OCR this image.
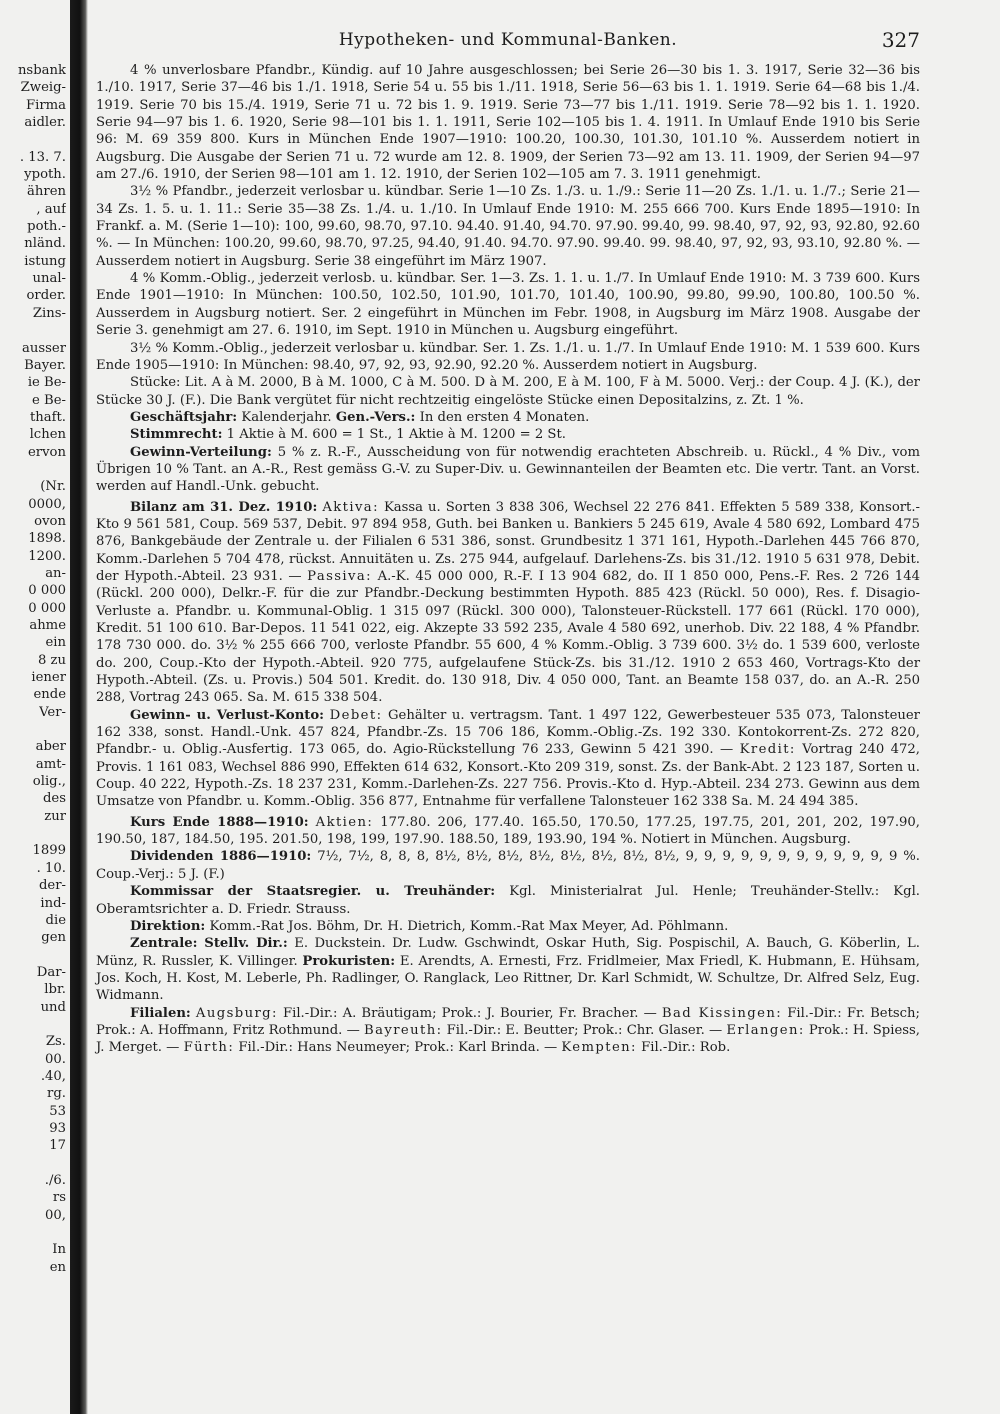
nsbank
Zweig-
Firma
aidler.
. 13. 7.
ypoth.
ähren
, auf
poth.-
nländ.
istung
unal-
order.
Zins-
ausser
Bayer.
ie Be-
e Be-
thaft.
lchen
ervon
(Nr.
0000,
ovon
1898.
1200.
an-
0 000
0 000
ahme
ein
8 zu
iener
ende
Ver-
aber
amt-
olig.,
des
zur
1899
. 10.
der-
ind-
die
gen
Dar-
lbr.
und
Zs.
00.
.40,
rg.
53
93
17
./6.
rs
00,
In
en
Hypotheken- und Kommunal-Banken.	327

4 % unverlosbare Pfandbr., Kündig. auf 10 Jahre ausgeschlossen; bei Serie 26—30 bis 1. 3. 1917, Serie 32—36 bis 1./10. 1917, Serie 37—46 bis 1./1. 1918, Serie 54 u. 55 bis 1./11. 1918, Serie 56—63 bis 1. 1. 1919. Serie 64—68 bis 1./4. 1919. Serie 70 bis 15./4. 1919, Serie 71 u. 72 bis 1. 9. 1919. Serie 73—77 bis 1./11. 1919. Serie 78—92 bis 1. 1. 1920. Serie 94—97 bis 1. 6. 1920, Serie 98—101 bis 1. 1. 1911, Serie 102—105 bis 1. 4. 1911. In Umlauf Ende 1910 bis Serie 96: M. 69 359 800. Kurs in München Ende 1907—1910: 100.20, 100.30, 101.30, 101.10 %. Ausserdem notiert in Augsburg. Die Ausgabe der Serien 71 u. 72 wurde am 12. 8. 1909, der Serien 73—92 am 13. 11. 1909, der Serien 94—97 am 27./6. 1910, der Serien 98—101 am 1. 12. 1910, der Serien 102—105 am 7. 3. 1911 genehmigt.

3½ % Pfandbr., jederzeit verlosbar u. kündbar. Serie 1—10 Zs. 1./3. u. 1./9.: Serie 11—20 Zs. 1./1. u. 1./7.; Serie 21—34 Zs. 1. 5. u. 1. 11.: Serie 35—38 Zs. 1./4. u. 1./10. In Umlauf Ende 1910: M. 255 666 700. Kurs Ende 1895—1910: In Frankf. a. M. (Serie 1—10): 100, 99.60, 98.70, 97.10. 94.40. 91.40, 94.70. 97.90. 99.40, 99. 98.40, 97, 92, 93, 92.80, 92.60 %. — In München: 100.20, 99.60, 98.70, 97.25, 94.40, 91.40. 94.70. 97.90. 99.40. 99. 98.40, 97, 92, 93, 93.10, 92.80 %. — Ausserdem notiert in Augsburg. Serie 38 eingeführt im März 1907.

4 % Komm.-Oblig., jederzeit verlosb. u. kündbar. Ser. 1—3. Zs. 1. 1. u. 1./7. In Umlauf Ende 1910: M. 3 739 600. Kurs Ende 1901—1910: In München: 100.50, 102.50, 101.90, 101.70, 101.40, 100.90, 99.80, 99.90, 100.80, 100.50 %. Ausserdem in Augsburg notiert. Ser. 2 eingeführt in München im Febr. 1908, in Augsburg im März 1908. Ausgabe der Serie 3. genehmigt am 27. 6. 1910, im Sept. 1910 in München u. Augsburg eingeführt.

3½ % Komm.-Oblig., jederzeit verlosbar u. kündbar. Ser. 1. Zs. 1./1. u. 1./7. In Umlauf Ende 1910: M. 1 539 600. Kurs Ende 1905—1910: In München: 98.40, 97, 92, 93, 92.90, 92.20 %. Ausserdem notiert in Augsburg.

Stücke: Lit. A à M. 2000, B à M. 1000, C à M. 500. D à M. 200, E à M. 100, F à M. 5000. Verj.: der Coup. 4 J. (K.), der Stücke 30 J. (F.). Die Bank vergütet für nicht rechtzeitig eingelöste Stücke einen Depositalzins, z. Zt. 1 %.

Geschäftsjahr: Kalenderjahr. Gen.-Vers.: In den ersten 4 Monaten.

Stimmrecht: 1 Aktie à M. 600 = 1 St., 1 Aktie à M. 1200 = 2 St.

Gewinn-Verteilung: 5 % z. R.-F., Ausscheidung von für notwendig erachteten Abschreib. u. Rückl., 4 % Div., vom Übrigen 10 % Tant. an A.-R., Rest gemäss G.-V. zu Super-Div. u. Gewinnanteilen der Beamten etc. Die vertr. Tant. an Vorst. werden auf Handl.-Unk. gebucht.

Bilanz am 31. Dez. 1910: Aktiva: Kassa u. Sorten 3 838 306, Wechsel 22 276 841. Effekten 5 589 338, Konsort.-Kto 9 561 581, Coup. 569 537, Debit. 97 894 958, Guth. bei Banken u. Bankiers 5 245 619, Avale 4 580 692, Lombard 475 876, Bankgebäude der Zentrale u. der Filialen 6 531 386, sonst. Grundbesitz 1 371 161, Hypoth.-Darlehen 445 766 870, Komm.-Darlehen 5 704 478, rückst. Annuitäten u. Zs. 275 944, aufgelauf. Darlehens-Zs. bis 31./12. 1910 5 631 978, Debit. der Hypoth.-Abteil. 23 931. — Passiva: A.-K. 45 000 000, R.-F. I 13 904 682, do. II 1 850 000, Pens.-F. Res. 2 726 144 (Rückl. 200 000), Delkr.-F. für die zur Pfandbr.-Deckung bestimmten Hypoth. 885 423 (Rückl. 50 000), Res. f. Disagio-Verluste a. Pfandbr. u. Kommunal-Oblig. 1 315 097 (Rückl. 300 000), Talonsteuer-Rückstell. 177 661 (Rückl. 170 000), Kredit. 51 100 610. Bar-Depos. 11 541 022, eig. Akzepte 33 592 235, Avale 4 580 692, unerhob. Div. 22 188, 4 % Pfandbr. 178 730 000. do. 3½ % 255 666 700, verloste Pfandbr. 55 600, 4 % Komm.-Oblig. 3 739 600. 3½ do. 1 539 600, verloste do. 200, Coup.-Kto der Hypoth.-Abteil. 920 775, aufgelaufene Stück-Zs. bis 31./12. 1910 2 653 460, Vortrags-Kto der Hypoth.-Abteil. (Zs. u. Provis.) 504 501. Kredit. do. 130 918, Div. 4 050 000, Tant. an Beamte 158 037, do. an A.-R. 250 288, Vortrag 243 065. Sa. M. 615 338 504.

Gewinn- u. Verlust-Konto: Debet: Gehälter u. vertragsm. Tant. 1 497 122, Gewerbesteuer 535 073, Talonsteuer 162 338, sonst. Handl.-Unk. 457 824, Pfandbr.-Zs. 15 706 186, Komm.-Oblig.-Zs. 192 330. Kontokorrent-Zs. 272 820, Pfandbr.- u. Oblig.-Ausfertig. 173 065, do. Agio-Rückstellung 76 233, Gewinn 5 421 390. — Kredit: Vortrag 240 472, Provis. 1 161 083, Wechsel 886 990, Effekten 614 632, Konsort.-Kto 209 319, sonst. Zs. der Bank-Abt. 2 123 187, Sorten u. Coup. 40 222, Hypoth.-Zs. 18 237 231, Komm.-Darlehen-Zs. 227 756. Provis.-Kto d. Hyp.-Abteil. 234 273. Gewinn aus dem Umsatze von Pfandbr. u. Komm.-Oblig. 356 877, Entnahme für verfallene Talonsteuer 162 338 Sa. M. 24 494 385.

Kurs Ende 1888—1910: Aktien: 177.80. 206, 177.40. 165.50, 170.50, 177.25, 197.75, 201, 201, 202, 197.90, 190.50, 187, 184.50, 195. 201.50, 198, 199, 197.90. 188.50, 189, 193.90, 194 %. Notiert in München. Augsburg.

Dividenden 1886—1910: 7½, 7½, 8, 8, 8, 8½, 8½, 8½, 8½, 8½, 8½, 8½, 8½, 9, 9, 9, 9, 9, 9, 9, 9, 9, 9, 9, 9 %. Coup.-Verj.: 5 J. (F.)

Kommissar der Staatsregier. u. Treuhänder: Kgl. Ministerialrat Jul. Henle; Treuhänder-Stellv.: Kgl. Oberamtsrichter a. D. Friedr. Strauss.

Direktion: Komm.-Rat Jos. Böhm, Dr. H. Dietrich, Komm.-Rat Max Meyer, Ad. Pöhlmann.

Zentrale: Stellv. Dir.: E. Duckstein. Dr. Ludw. Gschwindt, Oskar Huth, Sig. Pospischil, A. Bauch, G. Köberlin, L. Münz, R. Russler, K. Villinger. Prokuristen: E. Arendts, A. Ernesti, Frz. Fridlmeier, Max Friedl, K. Hubmann, E. Hühsam, Jos. Koch, H. Kost, M. Leberle, Ph. Radlinger, O. Ranglack, Leo Rittner, Dr. Karl Schmidt, W. Schultze, Dr. Alfred Selz, Eug. Widmann.

Filialen: Augsburg: Fil.-Dir.: A. Bräutigam; Prok.: J. Bourier, Fr. Bracher. — Bad Kissingen: Fil.-Dir.: Fr. Betsch; Prok.: A. Hoffmann, Fritz Rothmund. — Bayreuth: Fil.-Dir.: E. Beutter; Prok.: Chr. Glaser. — Erlangen: Prok.: H. Spiess, J. Merget. — Fürth: Fil.-Dir.: Hans Neumeyer; Prok.: Karl Brinda. — Kempten: Fil.-Dir.: Rob.
